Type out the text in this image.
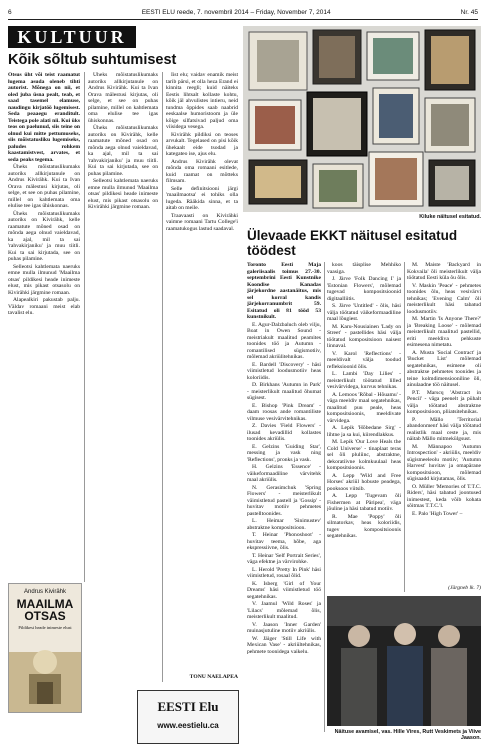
6	EESTI ELU reede, 7. novembril 2014 – Friday, November 7, 2014	Nr. 45
KULTUUR
Kõik sõltub suhtumisest

Otsus üht või teist raamatut lugema asuda oleneb tihti autorist. Mõnega on nii, et oled juba üsna pealt, teab, et saad tasemel elamuse, naudingu kirjatöö lugemisest. Seda peaaegu eranditult. Teistega pole alati nii. Kui üks teos on paelunud, siis teine on olnud kui mitte pettumuseks, siis mõistatusliku lugemiseks, paludes rohkem kaastamistvest, arvates, et seda peaks tegema.

Üheks mõistatuslikumaks autoriks allkirjutanule on Andrus Kivirähk. Kui ta Ivan Orava mälestusi kirjutas, oli selge, et see on puhas pilamine, millel on kahtlemata oma elulise tee igas ühiskonnas.

Üheks mõistatuslikumaks autoriks on Kivirähk, kelle raamatute mõned osad on mõnda aega olnud vaieldavad, ka ajal, mil ta sai 'rahvakirjaniku' ja muu tiitli. Kui ta sai kirjutada, see on puhas pilamine.

Selleotsi kahtlemata naeruks emne mulla ilmunud 'Maailma otsas' pildikesi heade inimeste elust, mis pikast otsasolu on Kivirähki järgmine romaan.

Alapealkiri pakustab palju. Väldav romaani meist elab tavalist elu.

Üheks mõistatuslikumaks autoriks allkirjutanule on Andrus Kivirähk. Kui ta Ivan Orava mälestusi kirjutas, oli selge, et see on puhas pilamine, millel on kahtlemata oma elulise tee igas ühiskonnas.

Üheks mõistatuslikumaks autoriks on Kivirähk, kelle raamatute mõned osad on mõnda aega olnud vaieldavad, ka ajal, mil ta sai 'rahvakirjaniku' ja muu tiitli. Kui ta sai kirjutada, see on puhas pilamine.

Selleotsi kahtlemata naeruks emne mulla ilmunud 'Maailma otsas' pildikesi heade inimeste elust, mis pikast otsasolu on Kivirähki järgmine romaan.

Iist elu; vaidav enamik meist tarib pärsi, et olla heza Erand ei kinnita reegli; kuid näiteks Eestis lihtsalt kollaste kohtu, kõik jäl ahvulistes intieru, neid tundma õppides saab naabrid eeskaalse humoristoom ja üle kõige silfatsivad paljud oma viisidega vesega.

Kivirähk pildiksi on teoses arvukalt. Tegelased on pisi kõik ühekaalt eide tsodad ja kategateo ise, ajus elu.

Andrus Kivirähk olevat mõnda oma romaani esitlede, kuid raamat on mõtteks filmsam.

Selle definitsiooni järgi 'maailmaotsa' ei tohiks olla lugeda. Rääkida sinna, et ta aitab on meile.

Traavaasti on Kivirähki vaimne romaani Tartu College'i raamatukogus lastud saadaval.

TÕNU NAELAPEA

Andrus Kivirähk
MAAILMA OTSAS
Pildikesi heade inimeste elust
EESTI Elu
www.eestielu.ca
Kiluke näitusel esitatud.
Ülevaade EKKT näitusel esitatud töödest

Toronto Eesti Maja galeriisaalis toimus 27.-30. septembrini Eesti Kunstnike Koondise Kanadas järjekordne aastanäitus, mis sel korral kandis järjekorranumbrit 59. Esitatud oli 81 tööd 53 kunstnikult.

E. Agur-Dalzbaluch oleb vilju, Boat in Owen Sound - meistriakult maalitud peamites toonides töö ja Autumn - romantilised sügismotiiv, mõlemad akriülitehnikas.

E. Bardell 'Discovery' - häsi viimistletud loodusmotiiv heas koloriidis.

D. Birkhans 'Autumn in Park' - meisterlikult maalitud õhumat sügisest.

E. Bishop 'Pink Dream' - daam roosas ande romantiliste vilmuse vesivärvitehnikas.

Z. Davies 'Field Flowers' - ilusad kevadillid kollastes toonides akriülis.

E. Gelzins 'Guiding Star', messing ja vask ning 'Reflections', pronks ja vask.

H. Gelzins 'Essence' - väikeformaadiline värvitehk maal akriülis.

N. Gerasimchuk 'Spring Flowers' - meisterlikult väimistletud pastell ja 'Gossip' - huvitav motiiv pehmetes pastelltoonides.

L. Heimar 'Sinimustev' abstraktne kompositsioon.

T. Heinar 'Phonoshoot' - huvitav teema, hõbe, aga ekspressiivne, õlis.

T. Heinar 'Self Portrait Series', väga efektne ja värvirohke.

L. Herold 'Pretty In Pink' häsi viimistletud, rosaal õlid.

K. Isberg 'Girl of Your Dreams' häsi viimistletud töö segatehnikas.

V. Jaamul 'Wild Roses' ja 'Lilacs' mõlemad õlis, meisterlikult maalitud.

V. Jaason 'Inner Garden' muinasjutuline motiiv akriülis.

W. Jäiger 'Still Life with Mexican Vase' - akriültehnikas, pehmete toonidega vaikelu.

koos täisplise Mehhiko vaasiga.

J. Järve 'Folk Dancing I' ja 'Estonian Flowers', mõlemad tugevad kompositsioonid digitaalliitis.

S. Järve 'Untitled' - õlis, häsi välja töötatud väikeformaadiline maal lõugiest.

M. Karu-Nousiainen 'Lady on Street' - pastellides häsi välja töötatud kompositsioon naisest linnaval.

V. Karol 'Reflections' - meeldivalt välja toodud refleksioonid õlis.

L. Lambi 'Day Lilies' - meisterlikult töötatud lilled vesivärvidega, kurvus tehnikas.

A. Lemoos 'Rõbal - Hõuamu' - väga meeldiv maal segatehnikas, maalitud puu peale, heas kompositsioonis, meeldivate värvidega.

A. Lepik 'Hõbedane Sirg' - lihtne ja sa kui, kiirendlakkus.

M. Lepik 'Our Love Heals the Cold Universe' - tinaplaat teras sel õli pluliinc, abstraktne, dekoratiivne kolmkuulaal heas kompositsioonis.

A. Lepp 'Wild and Free Horses' akriül hobuste peadega, pooksoos viitsib.

A. Lepp 'Tugevam õli Fishermen at Päripea', väga jõuline ja häsi tabatud motiiv.

R. Mae 'Poppy' õli silmatorkav, heas koloriidis, tugev kompositsioonis segatehnikas.

M. Maiste 'Backyard in Kokvaila' õli meisterlikult välja töötatud Eesti küla õu õlis.

V. Maskin 'Peace' - pehmetes toonides õlu, heas vesivärvi tehnikas; 'Evening Calm' õli meisterlikult häsi tabatud loodusmotiiv.

M. Martin 'Is Anyone There?' ja 'Breaking Loose' - mõlemad meisterlikult maalitud pastellid, eriti meeldiva pehkuste esimesena nimetatu.

A. Musta 'Social Contract' ja 'Bucket List' mõlemad segatehnikas, esimene oli abstraktse pehmetes toonides ja teine kolmdimensiooniline õli, ainulaadne töö näitusel.

P.T. Marscq 'Abstract in Pencil' - väga peenelt ja pühalt välja töötatud abstraktne kompositsioon, pliiatsitehnikas.

P. Mällo 'Territorial abandonment' häsi välja töötatud realistlik maal ceste ja, mis näitab Mällo mitmekülgsust.

M. Männapoo 'Autumn Introspection' - akriülis, meeldiv sügismeeleolu motiiv; 'Autumn Harvest' huvitav ja omapärane kompositsioon, mõlemad sügisaadd kirjutamas, õlis.

O. Müller 'Memories of T.T.C. Riders', häsi tabatud joontused inimestest, keda võib kohata sõitmas T.T.C.'l.

E. Palo 'High Tower' –

(Järgneb lk. 7)

Näituse avamisel, vas. Hille Vires, Rutt Veskimets ja Viive Jaason.
